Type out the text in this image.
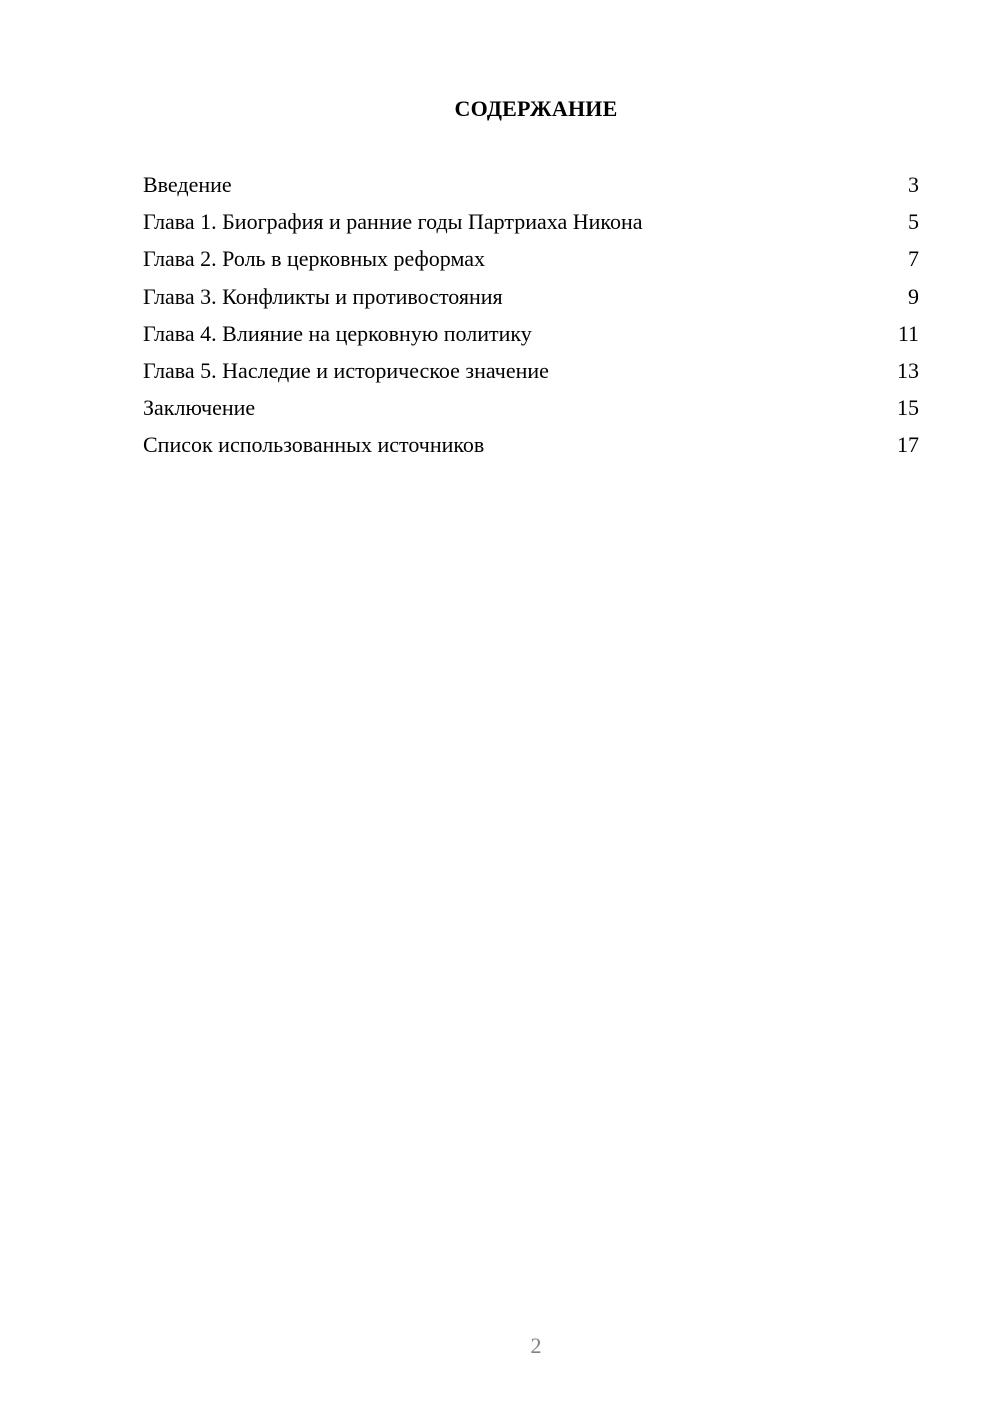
СОДЕРЖАНИЕ
Введение	3
Глава 1. Биография и ранние годы Партриаха Никона	5
Глава 2. Роль в церковных реформах	7
Глава 3. Конфликты и противостояния	9
Глава 4. Влияние на церковную политику	11
Глава 5. Наследие и историческое значение	13
Заключение	15
Список использованных источников	17
2
